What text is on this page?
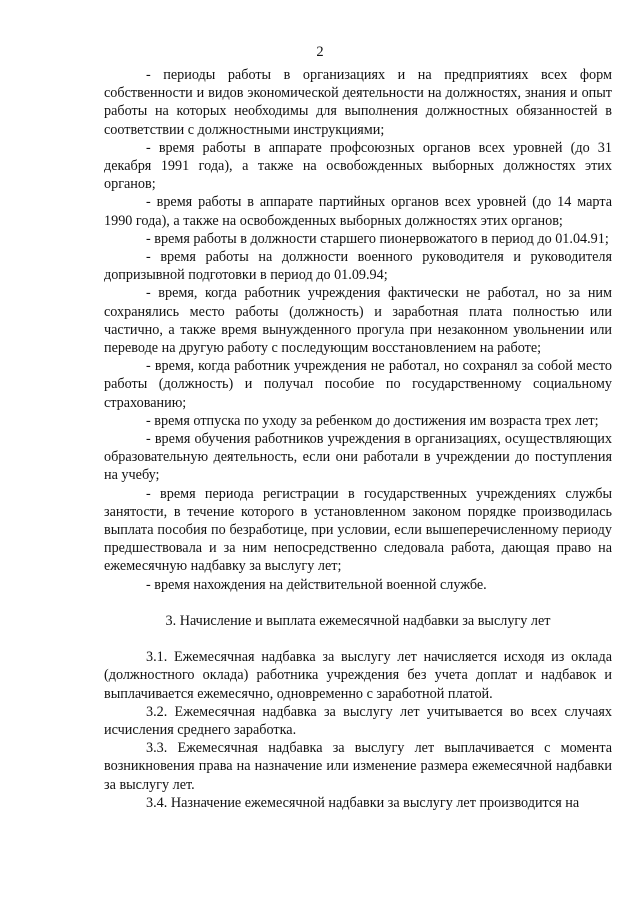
2

- периоды работы в организациях и на предприятиях всех форм собственности и видов экономической деятельности на должностях, знания и опыт работы на которых необходимы для выполнения должностных обязанностей в соответствии с должностными инструкциями;

- время работы в аппарате профсоюзных органов всех уровней (до 31 декабря 1991 года), а также на освобожденных выборных должностях этих органов;

- время работы в аппарате партийных органов всех уровней (до 14 марта 1990 года), а также на освобожденных выборных должностях этих органов;

- время работы в должности старшего пионервожатого в период до 01.04.91;

- время работы на должности военного руководителя и руководителя допризывной подготовки в период до 01.09.94;

- время, когда работник учреждения фактически не работал, но за ним сохранялись место работы (должность) и заработная плата полностью или частично, а также время вынужденного прогула при незаконном увольнении или переводе на другую работу с последующим восстановлением на работе;

- время, когда работник учреждения не работал, но сохранял за собой место работы (должность) и получал пособие по государственному социальному страхованию;

- время отпуска по уходу за ребенком до достижения им возраста трех лет;

- время обучения работников учреждения в организациях, осуществляющих образовательную деятельность, если они работали в учреждении до поступления на учебу;

- время периода регистрации в государственных учреждениях службы занятости, в течение которого в установленном законом порядке производилась выплата пособия по безработице, при условии, если вышеперечисленному периоду предшествовала и за ним непосредственно следовала работа, дающая право на ежемесячную надбавку за выслугу лет;

- время нахождения на действительной военной службе.

3. Начисление и выплата ежемесячной надбавки за выслугу лет

3.1. Ежемесячная надбавка за выслугу лет начисляется исходя из оклада (должностного оклада) работника учреждения без учета доплат и надбавок и выплачивается ежемесячно, одновременно с заработной платой.

3.2. Ежемесячная надбавка за выслугу лет учитывается во всех случаях исчисления среднего заработка.

3.3. Ежемесячная надбавка за выслугу лет выплачивается с момента возникновения права на назначение или изменение размера ежемесячной надбавки за выслугу лет.

3.4. Назначение ежемесячной надбавки за выслугу лет производится на
